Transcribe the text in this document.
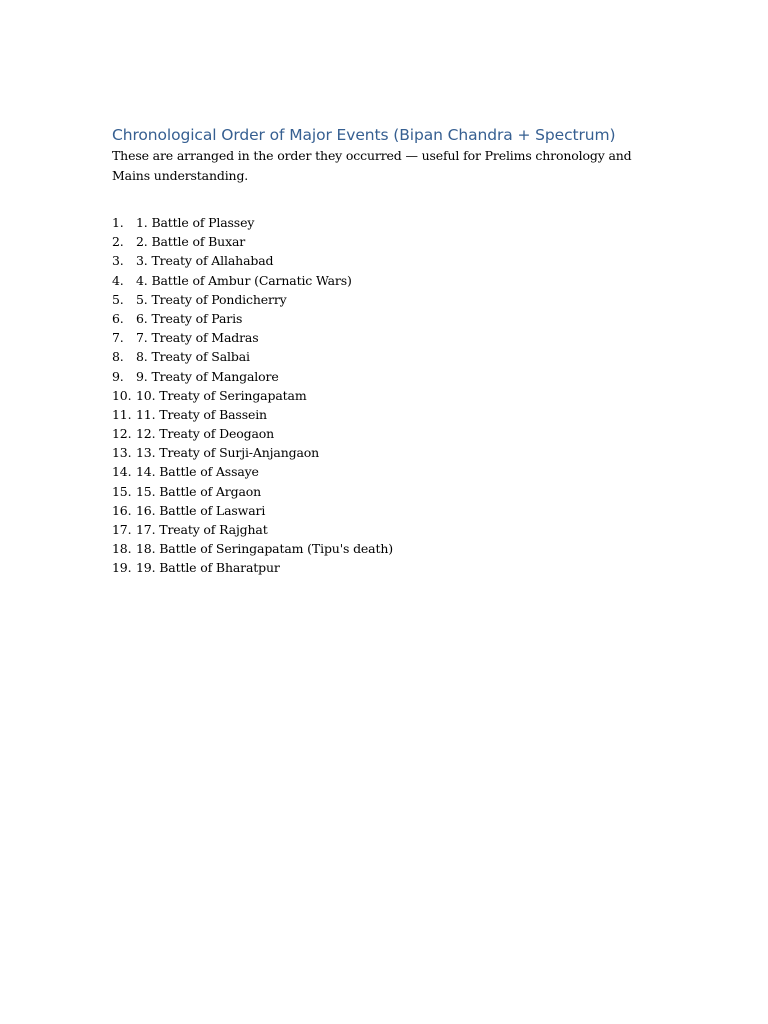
Chronological Order of Major Events (Bipan Chandra + Spectrum)

These are arranged in the order they occurred — useful for Prelims chronology and Mains understanding.

1. 1. Battle of Plassey
2. 2. Battle of Buxar
3. 3. Treaty of Allahabad
4. 4. Battle of Ambur (Carnatic Wars)
5. 5. Treaty of Pondicherry
6. 6. Treaty of Paris
7. 7. Treaty of Madras
8. 8. Treaty of Salbai
9. 9. Treaty of Mangalore
10. 10. Treaty of Seringapatam
11. 11. Treaty of Bassein
12. 12. Treaty of Deogaon
13. 13. Treaty of Surji-Anjangaon
14. 14. Battle of Assaye
15. 15. Battle of Argaon
16. 16. Battle of Laswari
17. 17. Treaty of Rajghat
18. 18. Battle of Seringapatam (Tipu's death)
19. 19. Battle of Bharatpur
